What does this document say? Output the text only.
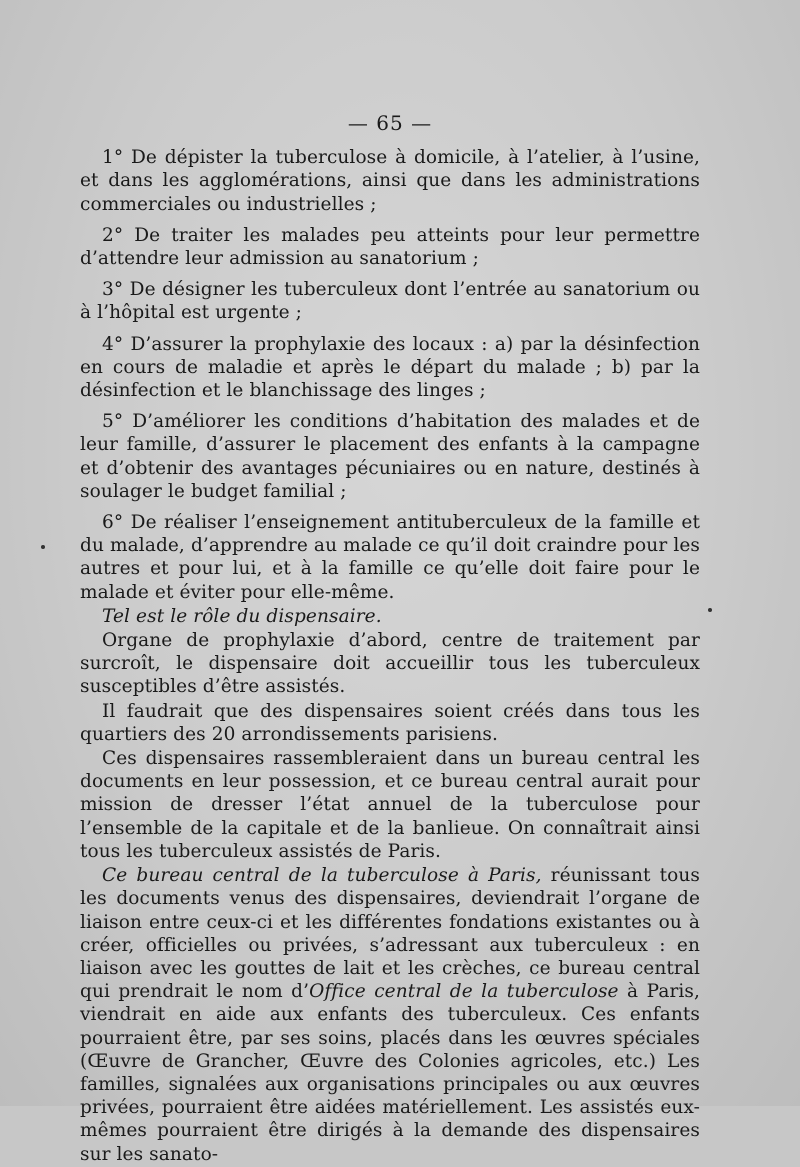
— 65 —

1° De dépister la tuberculose à domicile, à l’atelier, à l’usine, et dans les agglomérations, ainsi que dans les administrations commerciales ou industrielles ;

2° De traiter les malades peu atteints pour leur permettre d’attendre leur admission au sanatorium ;

3° De désigner les tuberculeux dont l’entrée au sanatorium ou à l’hôpital est urgente ;

4° D’assurer la prophylaxie des locaux : a) par la désinfection en cours de maladie et après le départ du malade ; b) par la désinfection et le blanchissage des linges ;

5° D’améliorer les conditions d’habitation des malades et de leur famille, d’assurer le placement des enfants à la campagne et d’obtenir des avantages pécuniaires ou en nature, destinés à soulager le budget familial ;

6° De réaliser l’enseignement antituberculeux de la famille et du malade, d’apprendre au malade ce qu’il doit craindre pour les autres et pour lui, et à la famille ce qu’elle doit faire pour le malade et éviter pour elle-même.

Tel est le rôle du dispensaire.

Organe de prophylaxie d’abord, centre de traitement par surcroît, le dispensaire doit accueillir tous les tuberculeux susceptibles d’être assistés.

Il faudrait que des dispensaires soient créés dans tous les quartiers des 20 arrondissements parisiens.

Ces dispensaires rassembleraient dans un bureau central les documents en leur possession, et ce bureau central aurait pour mission de dresser l’état annuel de la tuberculose pour l’ensemble de la capitale et de la banlieue. On connaîtrait ainsi tous les tuberculeux assistés de Paris.

Ce bureau central de la tuberculose à Paris, réunissant tous les documents venus des dispensaires, deviendrait l’organe de liaison entre ceux-ci et les différentes fondations existantes ou à créer, officielles ou privées, s’adressant aux tuberculeux : en liaison avec les gouttes de lait et les crèches, ce bureau central qui prendrait le nom d’Office central de la tuberculose à Paris, viendrait en aide aux enfants des tuberculeux. Ces enfants pourraient être, par ses soins, placés dans les œuvres spéciales (Œuvre de Grancher, Œuvre des Colonies agricoles, etc.) Les familles, signalées aux organisations principales ou aux œuvres privées, pourraient être aidées matériellement. Les assistés eux-mêmes pourraient être dirigés à la demande des dispensaires sur les sanato-
